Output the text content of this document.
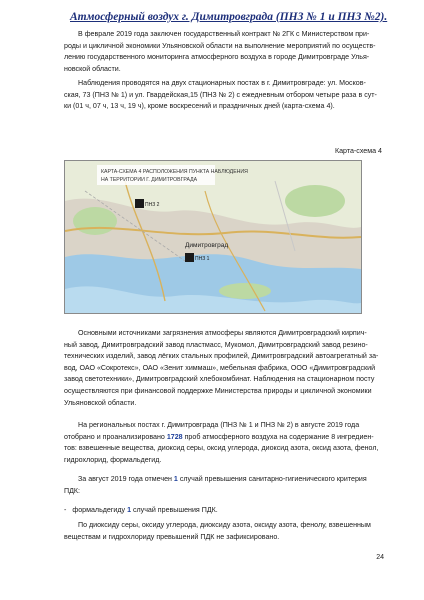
Атмосферный воздух г. Димитровграда (ПНЗ № 1 и ПНЗ №2).

В феврале 2019 года заключен государственный контракт № 2ГК с Министерством при-
роды и цикличной экономики Ульяновской области на выполнение мероприятий по осуществ-
лению государственного мониторинга атмосферного воздуха в городе Димитровграде Улья-
новской области.

Наблюдения проводятся на двух стационарных постах в г. Димитровграде: ул. Москов-
ская, 73 (ПНЗ № 1) и ул. Гвардейская,15 (ПНЗ № 2) с ежедневным отбором четыре раза в сут-
ки (01 ч, 07 ч, 13 ч, 19 ч), кроме воскресений и праздничных дней (карта-схема 4).

Карта-схема 4
КАРТА-СХЕМА 4 РАСПОЛОЖЕНИЯ ПУНКТА НАБЛЮДЕНИЯ
НА ТЕРРИТОРИИ Г. ДИМИТРОВГРАДА
ПНЗ 2
Димитровград
ПНЗ 1

Основными источниками загрязнения атмосферы являются Димитровградский кирпич-
ный завод, Димитровградский завод пластмасс, Мукомол, Димитровградский завод резино-
технических изделий, завод лёгких стальных профилей, Димитровградский автоагрегатный за-
вод, ОАО «Сокротекс», ОАО «Зенит химмаш», мебельная фабрика, ООО «Димитровградский
завод светотехники», Димитровградский хлебокомбинат. Наблюдения на стационарном посту
осуществляются при финансовой поддержке Министерства природы и цикличной экономики
Ульяновской области.

На региональных постах г. Димитровграда (ПНЗ № 1 и ПНЗ № 2) в августе 2019 года
отобрано и проанализировано 1728 проб атмосферного воздуха на содержание 8 ингредиен-
тов: взвешенные вещества, диоксид серы, оксид углерода, диоксид азота, оксид азота, фенол,
гидрохлорид, формальдегид.

За август 2019 года отмечен 1 случай превышения санитарно-гигиенического критерия
ПДК:

- формальдегиду 1 случай превышения ПДК.

По диоксиду серы, оксиду углерода, диоксиду азота, оксиду азота, фенолу, взвешенным
веществам и гидрохлориду превышений ПДК не зафиксировано.

24
